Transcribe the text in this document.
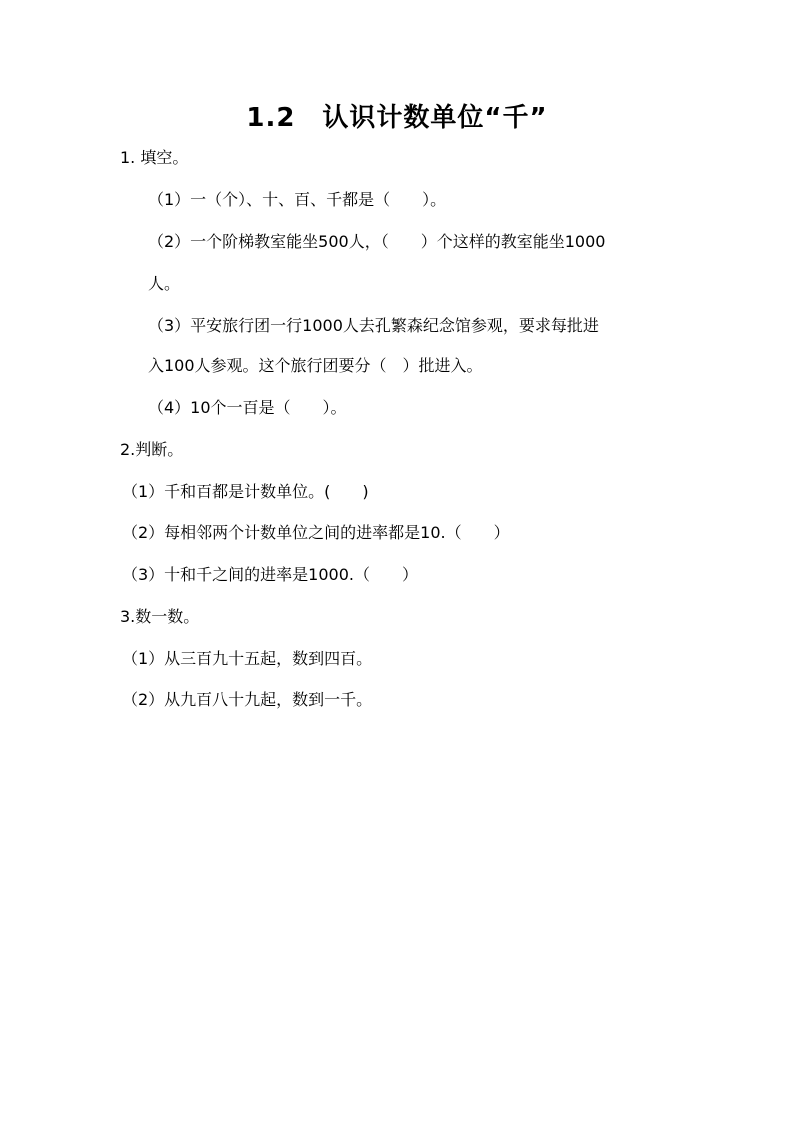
1.2　认识计数单位“千”
1. 填空。
（1）一（个）、十、百、千都是（　　）。
（2）一个阶梯教室能坐500人，（　　）个这样的教室能坐1000
人。
（3）平安旅行团一行1000人去孔繁森纪念馆参观，要求每批进
入100人参观。这个旅行团要分（　）批进入。
（4）10个一百是（　　）。
2.判断。
（1）千和百都是计数单位。(　　)
（2）每相邻两个计数单位之间的进率都是10.（　　）
（3）十和千之间的进率是1000.（　　）
3.数一数。
（1）从三百九十五起，数到四百。
（2）从九百八十九起，数到一千。
